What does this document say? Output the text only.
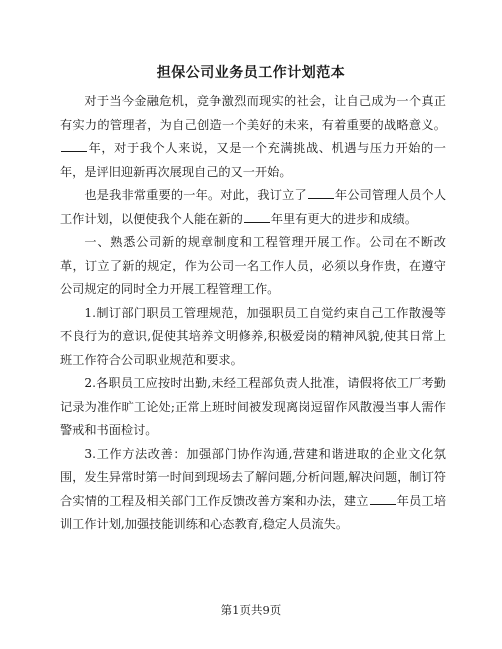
担保公司业务员工作计划范本

对于当今金融危机，竞争激烈而现实的社会，让自己成为一个真正有实力的管理者，为自己创造一个美好的未来，有着重要的战略意义。年，对于我个人来说，又是一个充满挑战、机遇与压力开始的一年，是评旧迎新再次展现自己的又一开始。

也是我非常重要的一年。对此，我订立了 年公司管理人员个人工作计划，以便使我个人能在新的 年里有更大的进步和成绩。

一、熟悉公司新的规章制度和工程管理开展工作。公司在不断改革，订立了新的规定，作为公司一名工作人员，必须以身作贵，在遵守公司规定的同时全力开展工程管理工作。

1.制订部门职员工管理规范，加强职员工自觉约束自己工作散漫等不良行为的意识,促使其培养文明修养,积极爱岗的精神风貌,使其日常上班工作符合公司职业规范和要求。

2.各职员工应按时出勤,未经工程部负责人批准，请假将依工厂考勤记录为准作旷工论处;正常上班时间被发现离岗逗留作风散漫当事人需作警戒和书面检讨。

3.工作方法改善：加强部门协作沟通,营建和谐进取的企业文化氛围，发生异常时第一时间到现场去了解问题,分析问题,解决问题，制订符合实情的工程及相关部门工作反馈改善方案和办法，建立 年员工培训工作计划,加强技能训练和心态教育,稳定人员流失。

第1页共9页
